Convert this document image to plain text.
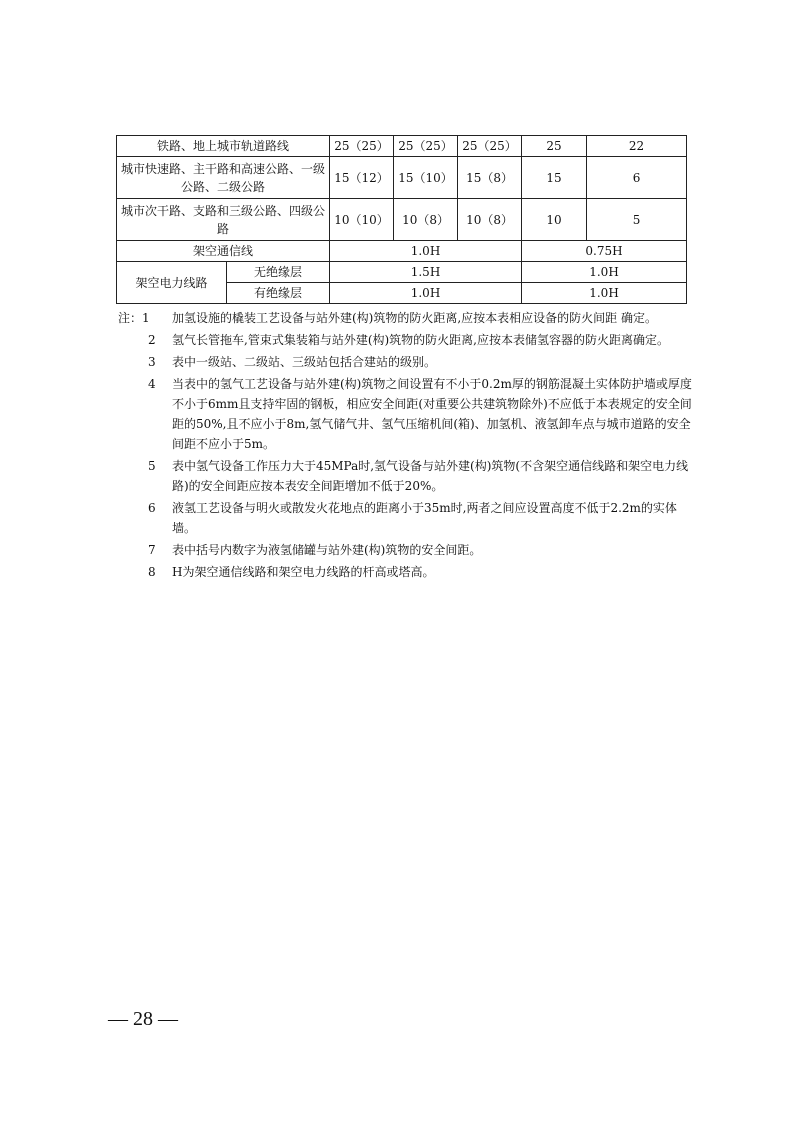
铁路、地上城市轨道路线		25（25）	25（25）	25（25）	25	22
城市快速路、主干路和高速公路、一级公路、二级公路		15（12）	15（10）	15（8）	15	6
城市次干路、支路和三级公路、四级公路		10（10）	10（8）	10（8）	10	5
架空通信线		1.0H			0.75H	
架空电力线路	无绝缘层	1.5H			1.0H	
	有绝缘层	1.0H			1.0H	
注：1	加氢设施的橇装工艺设备与站外建(构)筑物的防火距离,应按本表相应设备的防火间距 确定。
2	氢气长管拖车,管束式集装箱与站外建(构)筑物的防火距离,应按本表储氢容器的防火距离确定。
3	表中一级站、二级站、三级站包括合建站的级别。
4	当表中的氢气工艺设备与站外建(构)筑物之间设置有不小于0.2m厚的钢筋混凝土实体防护墙或厚度不小于6mm且支持牢固的钢板，相应安全间距(对重要公共建筑物除外)不应低于本表规定的安全间距的50%,且不应小于8m,氢气储气井、氢气压缩机间(箱)、加氢机、液氢卸车点与城市道路的安全间距不应小于5m。
5	表中氢气设备工作压力大于45MPa时,氢气设备与站外建(构)筑物(不含架空通信线路和架空电力线路)的安全间距应按本表安全间距增加不低于20%。
6	液氢工艺设备与明火或散发火花地点的距离小于35m时,两者之间应设置高度不低于2.2m的实体墙。
7	表中括号内数字为液氢储罐与站外建(构)筑物的安全间距。
8	H为架空通信线路和架空电力线路的杆高或塔高。
— 28 —
